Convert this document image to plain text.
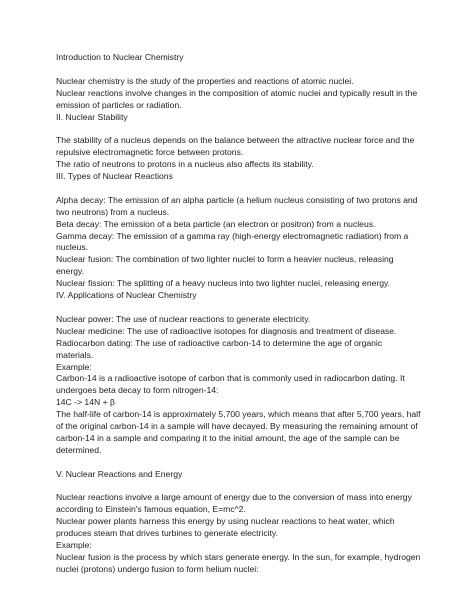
Introduction to Nuclear Chemistry
Nuclear chemistry is the study of the properties and reactions of atomic nuclei.
Nuclear reactions involve changes in the composition of atomic nuclei and typically result in the
emission of particles or radiation.
II. Nuclear Stability
The stability of a nucleus depends on the balance between the attractive nuclear force and the
repulsive electromagnetic force between protons.
The ratio of neutrons to protons in a nucleus also affects its stability.
III. Types of Nuclear Reactions
Alpha decay: The emission of an alpha particle (a helium nucleus consisting of two protons and
two neutrons) from a nucleus.
Beta decay: The emission of a beta particle (an electron or positron) from a nucleus.
Gamma decay: The emission of a gamma ray (high-energy electromagnetic radiation) from a
nucleus.
Nuclear fusion: The combination of two lighter nuclei to form a heavier nucleus, releasing
energy.
Nuclear fission: The splitting of a heavy nucleus into two lighter nuclei, releasing energy.
IV. Applications of Nuclear Chemistry
Nuclear power: The use of nuclear reactions to generate electricity.
Nuclear medicine: The use of radioactive isotopes for diagnosis and treatment of disease.
Radiocarbon dating: The use of radioactive carbon-14 to determine the age of organic
materials.
Example:
Carbon-14 is a radioactive isotope of carbon that is commonly used in radiocarbon dating. It
undergoes beta decay to form nitrogen-14:
14C -> 14N + β
The half-life of carbon-14 is approximately 5,700 years, which means that after 5,700 years, half
of the original carbon-14 in a sample will have decayed. By measuring the remaining amount of
carbon-14 in a sample and comparing it to the initial amount, the age of the sample can be
determined.
V. Nuclear Reactions and Energy
Nuclear reactions involve a large amount of energy due to the conversion of mass into energy
according to Einstein's famous equation, E=mc^2.
Nuclear power plants harness this energy by using nuclear reactions to heat water, which
produces steam that drives turbines to generate electricity.
Example:
Nuclear fusion is the process by which stars generate energy. In the sun, for example, hydrogen
nuclei (protons) undergo fusion to form helium nuclei:
